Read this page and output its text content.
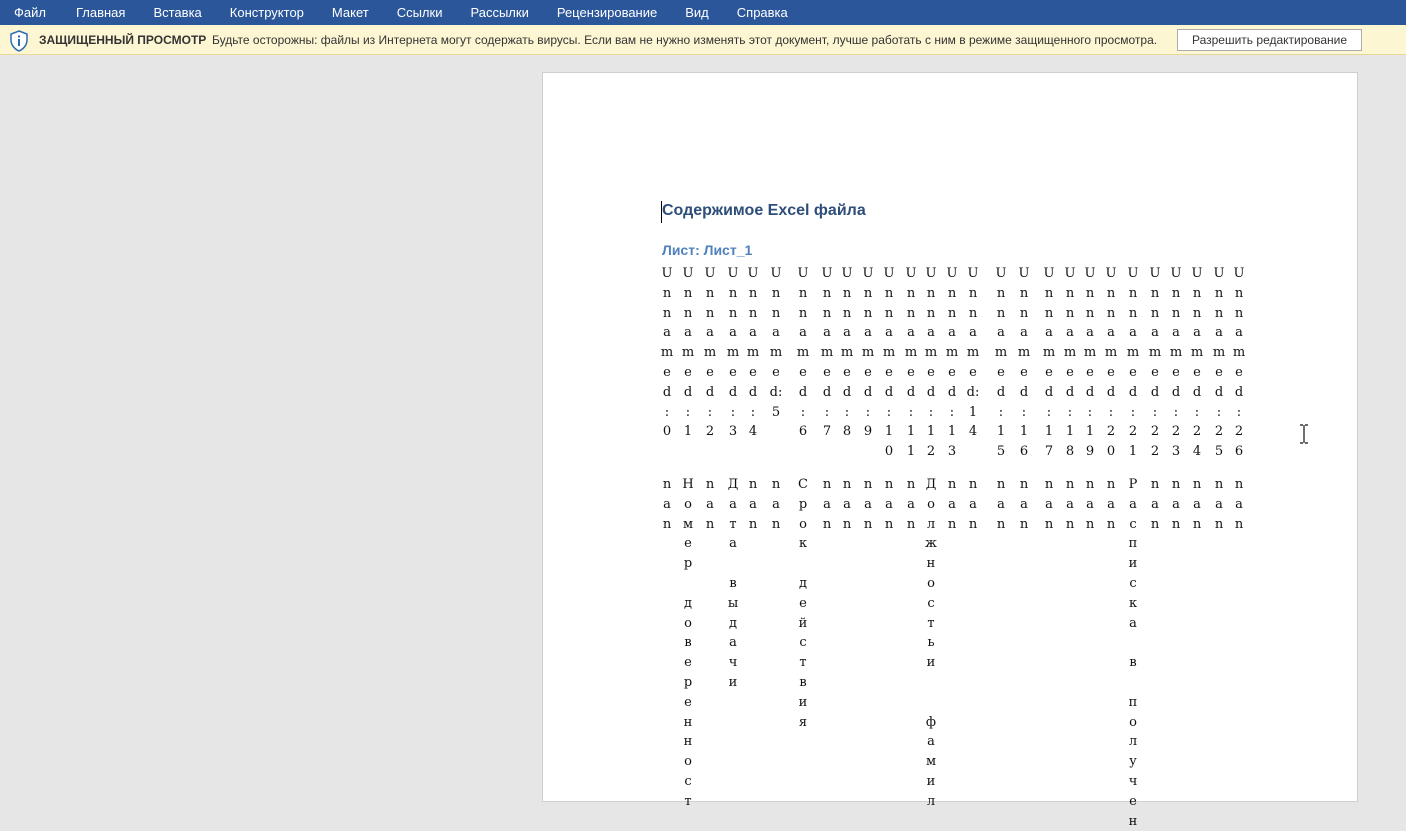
Файл Главная Вставка Конструктор Макет Ссылки Рассылки Рецензирование Вид Справка
ЗАЩИЩЕННЫЙ ПРОСМОТР Будьте осторожны: файлы из Интернета могут содержать вирусы. Если вам не нужно изменять этот документ, лучше работать с ним в режиме защищенного просмотра.	Разрешить редактирование
Содержимое Excel файла
Лист: Лист_1
U
n
n
a
m
e
d
:
0
U
n
n
a
m
e
d
:
1
U
n
n
a
m
e
d
:
2
U
n
n
a
m
e
d
:
3
U
n
n
a
m
e
d
:
4
U
n
n
a
m
e
d:
5
U
n
n
a
m
e
d
:
6
U
n
n
a
m
e
d
:
7
U
n
n
a
m
e
d
:
8
U
n
n
a
m
e
d
:
9
U
n
n
a
m
e
d
:
1
0
U
n
n
a
m
e
d
:
1
1
U
n
n
a
m
e
d
:
1
2
U
n
n
a
m
e
d
:
1
3
U
n
n
a
m
e
d:
1
4
U
n
n
a
m
e
d
:
1
5
U
n
n
a
m
e
d
:
1
6
U
n
n
a
m
e
d
:
1
7
U
n
n
a
m
e
d
:
1
8
U
n
n
a
m
e
d
:
1
9
U
n
n
a
m
e
d
:
2
0
U
n
n
a
m
e
d
:
2
1
U
n
n
a
m
e
d
:
2
2
U
n
n
a
m
e
d
:
2
3
U
n
n
a
m
e
d
:
2
4
U
n
n
a
m
e
d
:
2
5
U
n
n
a
m
e
d
:
2
6
n
a
n
Н
о
м
е
р
д
о
в
е
р
е
н
н
о
с
т
n
a
n
Д
а
т
а
в
ы
д
а
ч
и
n
a
n
n
a
n
С
р
о
к
д
е
й
с
т
в
и
я
n
a
n
n
a
n
n
a
n
n
a
n
n
a
n
Д
о
л
ж
н
о
с
т
ь
и
ф
а
м
и
л
n
a
n
n
a
n
n
a
n
n
a
n
n
a
n
n
a
n
n
a
n
n
a
n
Р
а
с
п
и
с
к
а
в
п
о
л
у
ч
е
н
n
a
n
n
a
n
n
a
n
n
a
n
n
a
n
